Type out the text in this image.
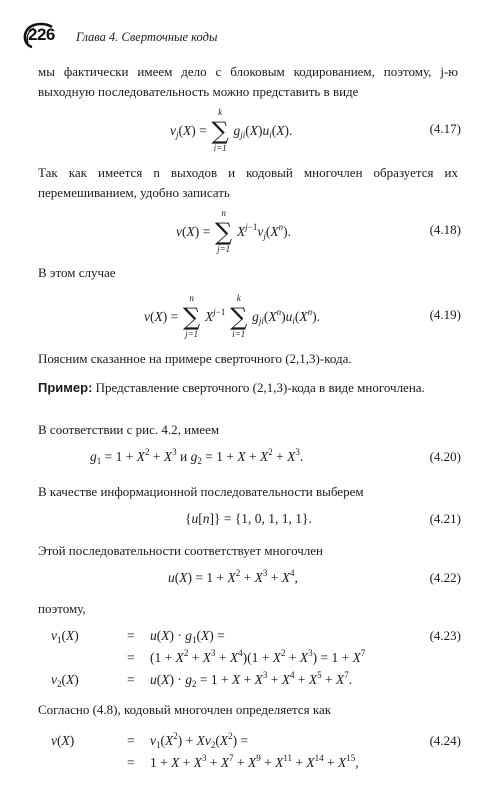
226 Глава 4. Сверточные коды
мы фактически имеем дело с блоковым кодированием, поэтому, j-ю выходную последовательность можно представить в виде
$v_j(X)$ =
k
∑
i=1
$g_{ji}(X)u_i(X)$.	(4.17)
Так как имеется n выходов и кодовый многочлен образуется их перемешиванием, удобно записать
v(X) =
n
∑
j=1
$X^{j-1}v_j(X^n)$.	(4.18)
В этом случае
v(X) =
n
∑
j=1
$X^{j-1}$
k
∑
i=1
$g_{ji}(X^n)u_i(X^n)$.	(4.19)
Поясним сказанное на примере сверточного (2,1,3)-кода.
Пример: Представление сверточного (2,1,3)-кода в виде многочлена.
В соответствии с рис. 4.2, имеем
$g_1 = 1 + X^2 + X^3$ и $g_2 = 1 + X + X^2 + X^3$.	(4.20)
В качестве информационной последовательности выберем
{u[n]} = {1, 0, 1, 1, 1}.	(4.21)
Этой последовательности соответствует многочлен
$u(X) = 1 + X^2 + X^3 + X^4$,	(4.22)
поэтому,
$v_1(X)$	= $u(X) \cdot g_1(X)$ =
= $(1 + X^2 + X^3 + X^4)(1 + X^2 + X^3) = 1 + X^7$
$v_2(X)$	= $u(X) \cdot g_2 = 1 + X + X^3 + X^4 + X^5 + X^7$.
(4.23)
Согласно (4.8), кодовый многочлен определяется как
v(X)	= $v_1(X^2) + Xv_2(X^2)$ =
= $1 + X + X^3 + X^7 + X^9 + X^{11} + X^{14} + X^{15}$,
(4.24)
